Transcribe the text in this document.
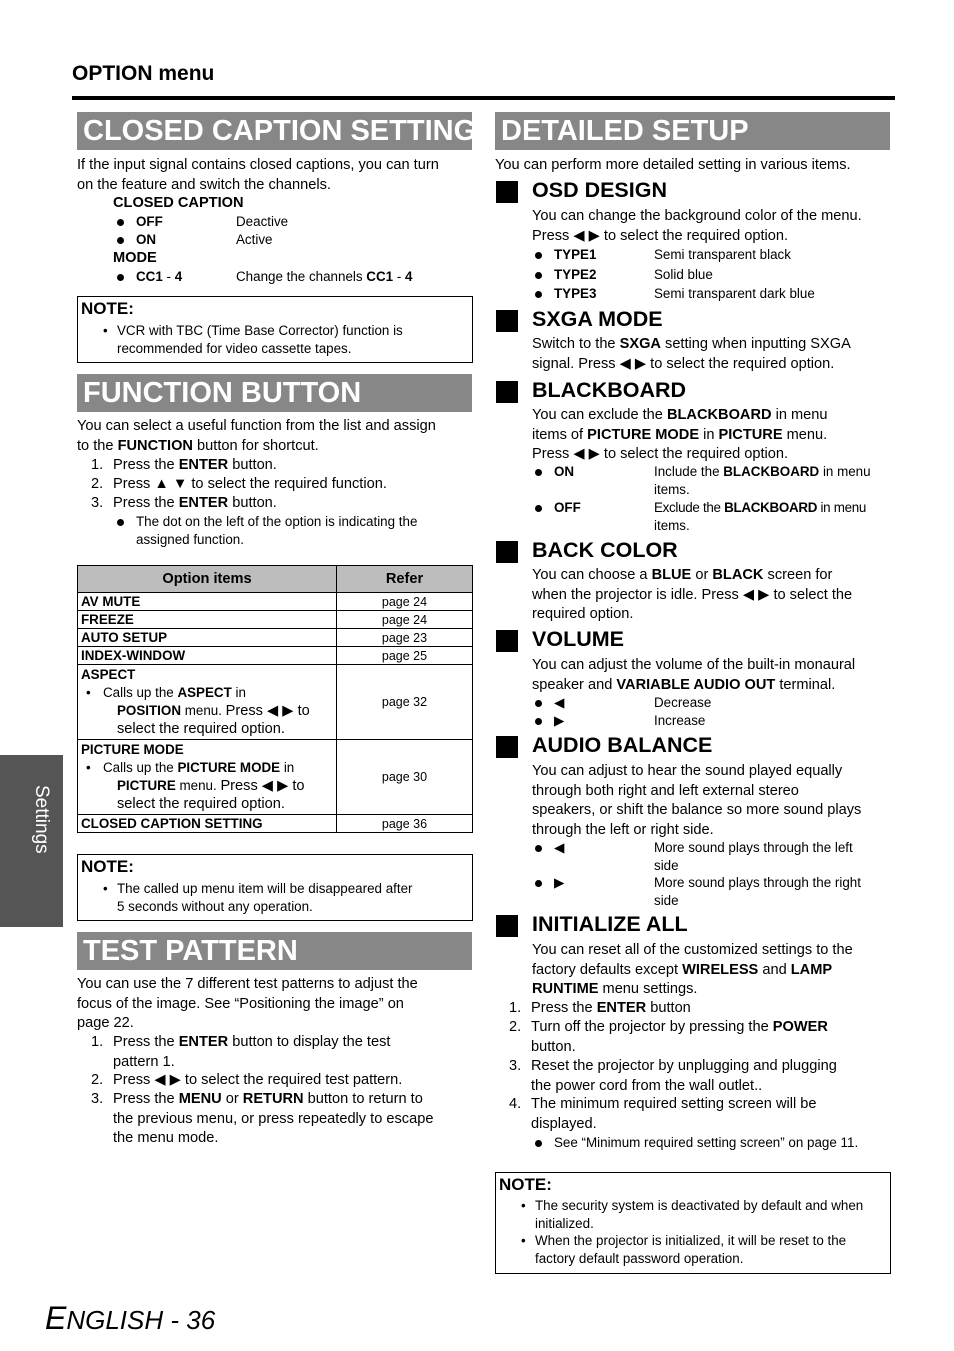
OPTION menu
Settings
CLOSED CAPTION SETTING
If the input signal contains closed captions, you can turn
on the feature and switch the channels.
CLOSED CAPTION
OFF	Deactive
ON	Active
MODE
CC1 - 4	Change the channels CC1 - 4
NOTE:
• VCR with TBC (Time Base Corrector) function is
recommended for video cassette tapes.
FUNCTION BUTTON
You can select a useful function from the list and assign
to the FUNCTION button for shortcut.
1. Press the ENTER button.
2. Press ▲ ▼ to select the required function.
3. Press the ENTER button.
The dot on the left of the option is indicating the
assigned function.
Option items	Refer
AV MUTE	page 24
FREEZE	page 24
AUTO SETUP	page 23
INDEX-WINDOW	page 25

ASPECT
• Calls up the ASPECT in
POSITION menu. Press ◀ ▶ to
select the required option.	page 32

PICTURE MODE
• Calls up the PICTURE MODE in
PICTURE menu. Press ◀ ▶ to
select the required option.	page 30
CLOSED CAPTION SETTING	page 36
NOTE:
• The called up menu item will be disappeared after
5 seconds without any operation.
TEST PATTERN
You can use the 7 different test patterns to adjust the
focus of the image. See “Positioning the image” on
page 22.
1. Press the ENTER button to display the test
pattern 1.
2. Press ◀ ▶ to select the required test pattern.
3. Press the MENU or RETURN button to return to
the previous menu, or press repeatedly to escape
the menu mode.
DETAILED SETUP
You can perform more detailed setting in various items.
OSD DESIGN
You can change the background color of the menu.
Press ◀ ▶ to select the required option.
TYPE1	Semi transparent black
TYPE2	Solid blue
TYPE3	Semi transparent dark blue
SXGA MODE
Switch to the SXGA setting when inputting SXGA
signal. Press ◀ ▶ to select the required option.
BLACKBOARD
You can exclude the BLACKBOARD in menu
items of PICTURE MODE in PICTURE menu.
Press ◀ ▶ to select the required option.
ON	Include the BLACKBOARD in menu
items.
OFF	Exclude the BLACKBOARD in menu
items.
BACK COLOR
You can choose a BLUE or BLACK screen for
when the projector is idle. Press ◀ ▶ to select the
required option.
VOLUME
You can adjust the volume of the built-in monaural
speaker and VARIABLE AUDIO OUT terminal.
◀	Decrease
▶	Increase
AUDIO BALANCE
You can adjust to hear the sound played equally
through both right and left external stereo
speakers, or shift the balance so more sound plays
through the left or right side.
◀	More sound plays through the left
side
▶	More sound plays through the right
side
INITIALIZE ALL
You can reset all of the customized settings to the
factory defaults except WIRELESS and LAMP
RUNTIME menu settings.
1. Press the ENTER button
2. Turn off the projector by pressing the POWER
button.
3. Reset the projector by unplugging and plugging
the power cord from the wall outlet..
4. The minimum required setting screen will be
displayed.
See “Minimum required setting screen” on page 11.
NOTE:
• The security system is deactivated by default and when
initialized.
• When the projector is initialized, it will be reset to the
factory default password operation.
ENGLISH - 36
